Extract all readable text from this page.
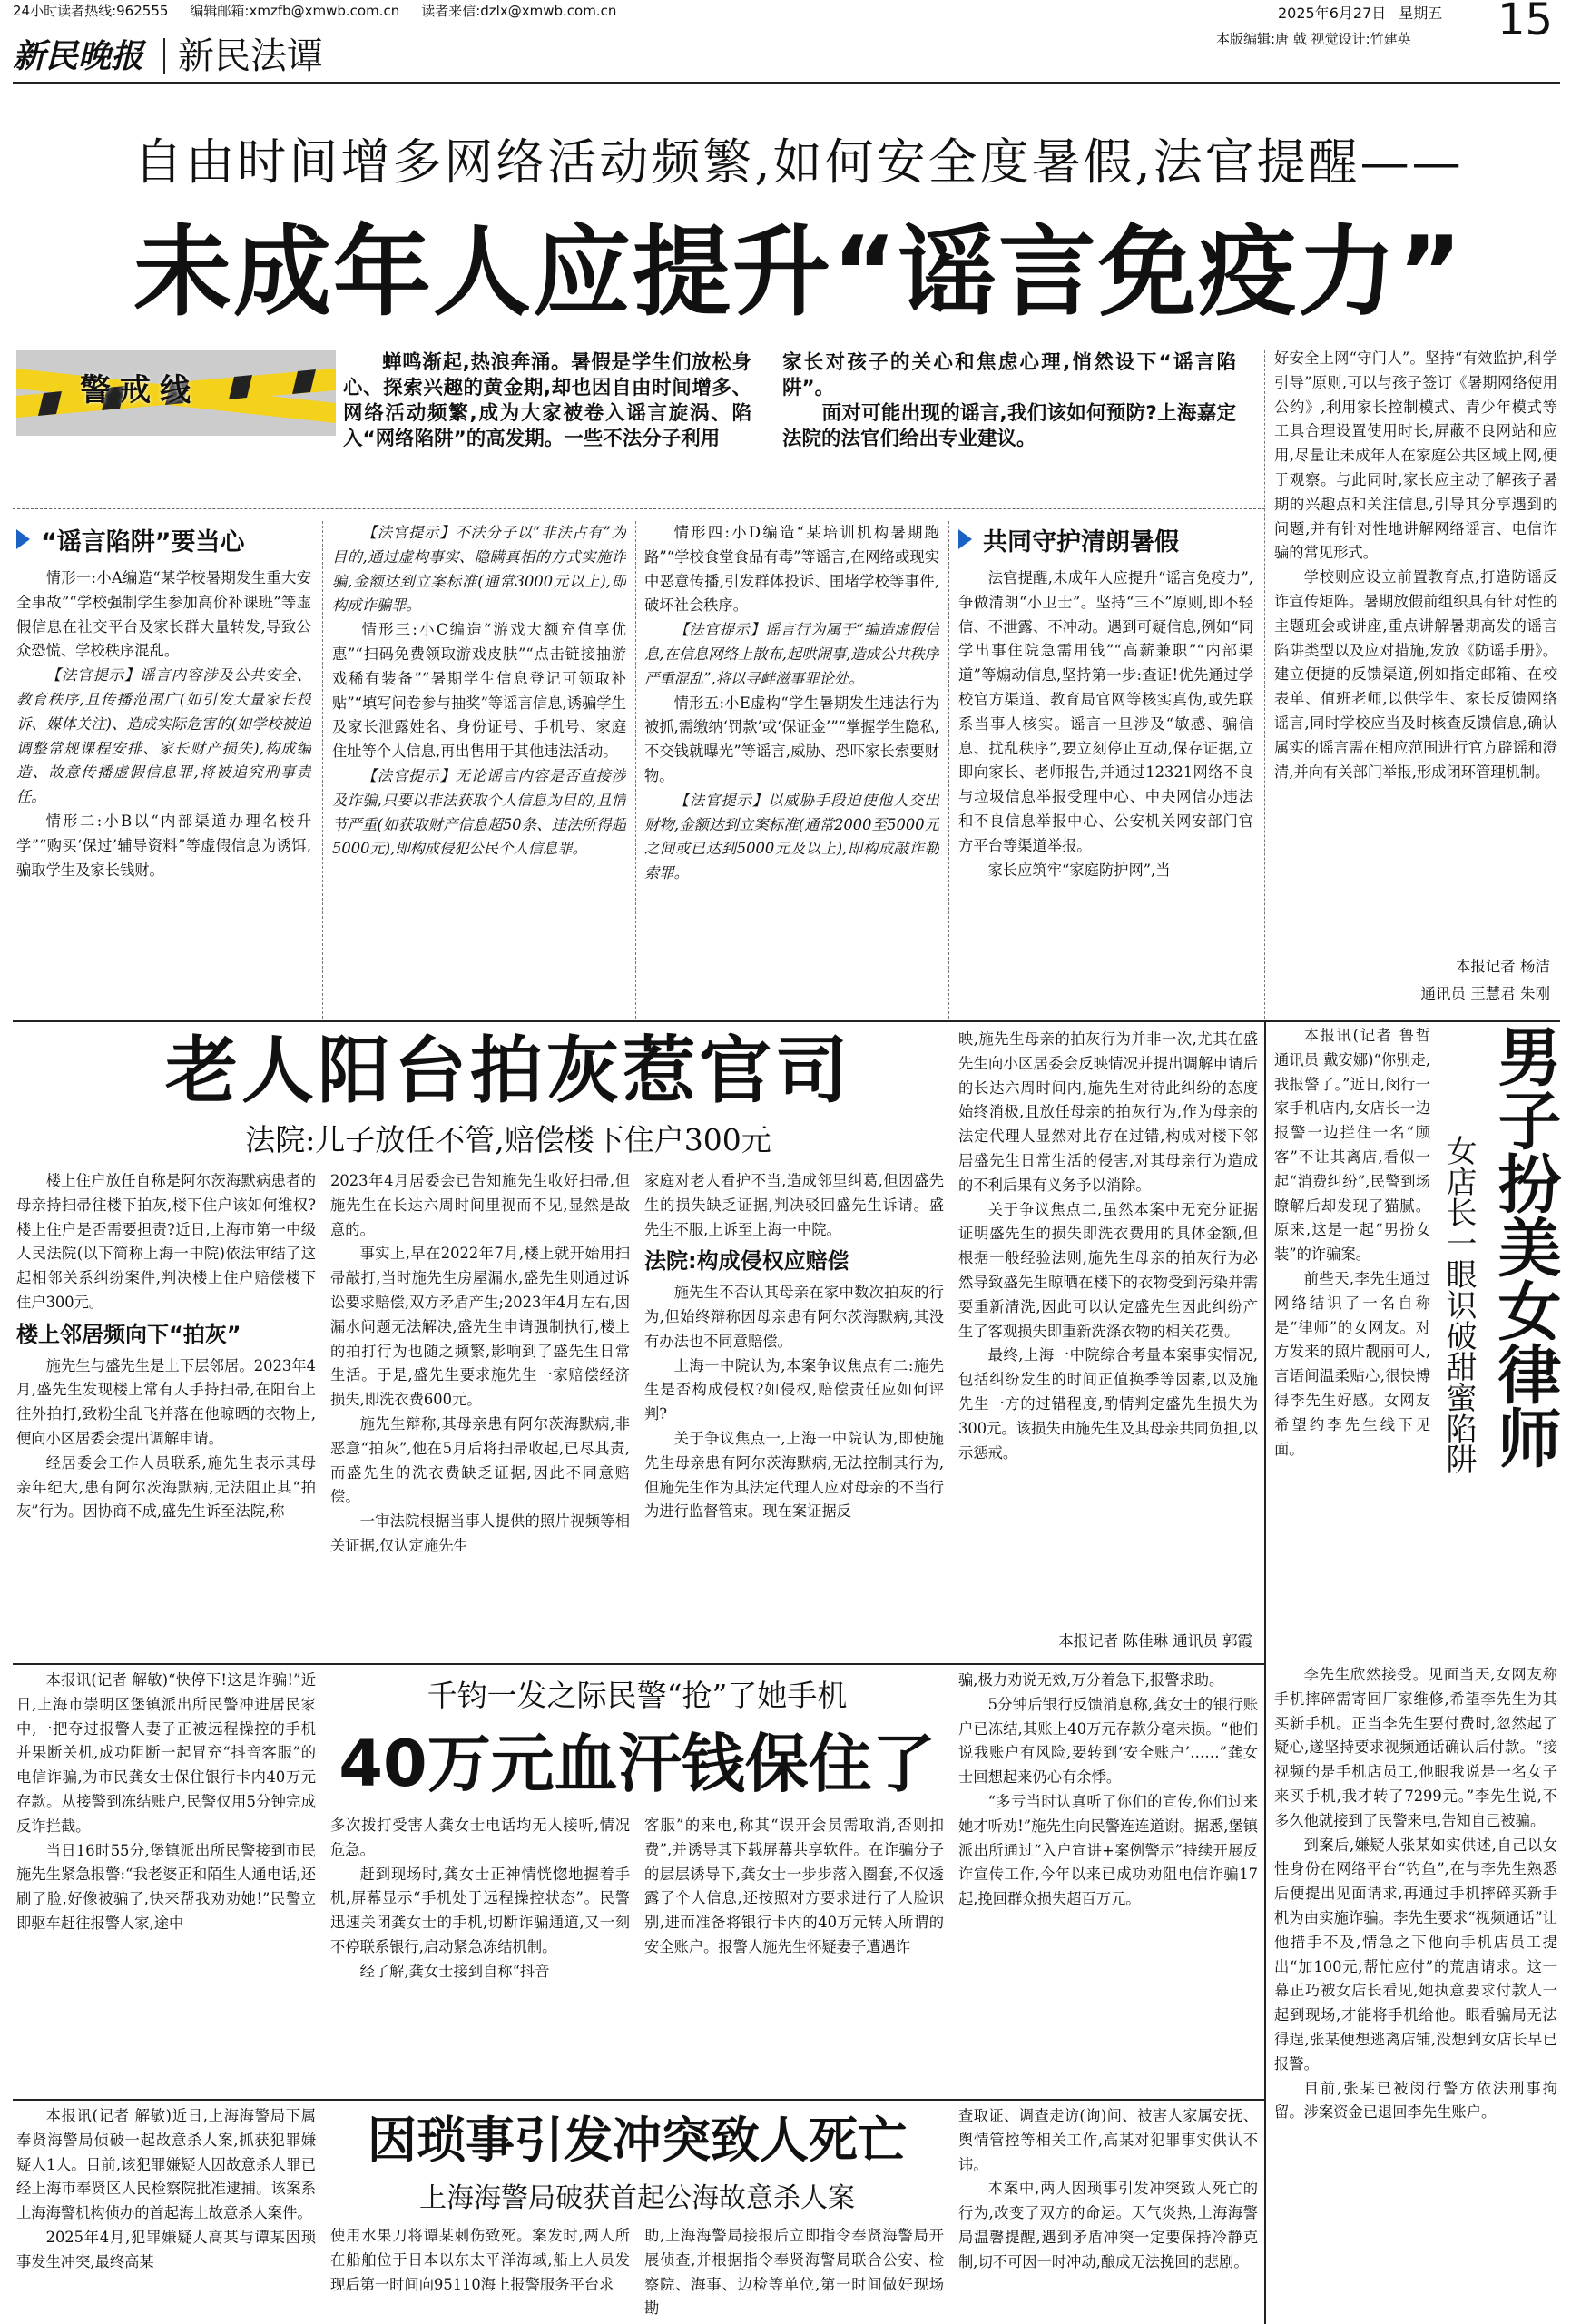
24小时读者热线:962555 编辑邮箱:xmzfb@xmwb.com.cn 读者来信:dzlx@xmwb.com.cn	2025年6月27日 星期五 15
本版编辑:唐 戟 视觉设计:竹建英
新民晚报 新民法谭
自由时间增多网络活动频繁,如何安全度暑假,法官提醒——
未成年人应提升“谣言免疫力”
警戒线
蝉鸣渐起,热浪奔涌。暑假是学生们放松身心、探索兴趣的黄金期,却也因自由时间增多、网络活动频繁,成为大家被卷入谣言旋涡、陷入“网络陷阱”的高发期。一些不法分子利用
家长对孩子的关心和焦虑心理,悄然设下“谣言陷阱”。
　　面对可能出现的谣言,我们该如何预防?上海嘉定法院的法官们给出专业建议。
“谣言陷阱”要当心

情形一:小A编造“某学校暑期发生重大安全事故”“学校强制学生参加高价补课班”等虚假信息在社交平台及家长群大量转发,导致公众恐慌、学校秩序混乱。

【法官提示】谣言内容涉及公共安全、教育秩序,且传播范围广(如引发大量家长投诉、媒体关注)、造成实际危害的(如学校被迫调整常规课程安排、家长财产损失),构成编造、故意传播虚假信息罪,将被追究刑事责任。

情形二:小B以“内部渠道办理名校升学”“购买‘保过’辅导资料”等虚假信息为诱饵,骗取学生及家长钱财。

【法官提示】不法分子以“非法占有”为目的,通过虚构事实、隐瞒真相的方式实施诈骗,金额达到立案标准(通常3000元以上),即构成诈骗罪。

情形三:小C编造“游戏大额充值享优惠”“扫码免费领取游戏皮肤”“点击链接抽游戏稀有装备”“暑期学生信息登记可领取补贴”“填写问卷参与抽奖”等谣言信息,诱骗学生及家长泄露姓名、身份证号、手机号、家庭住址等个人信息,再出售用于其他违法活动。

【法官提示】无论谣言内容是否直接涉及诈骗,只要以非法获取个人信息为目的,且情节严重(如获取财产信息超50条、违法所得超5000元),即构成侵犯公民个人信息罪。

情形四:小D编造“某培训机构暑期跑路”“学校食堂食品有毒”等谣言,在网络或现实中恶意传播,引发群体投诉、围堵学校等事件,破坏社会秩序。

【法官提示】谣言行为属于“编造虚假信息,在信息网络上散布,起哄闹事,造成公共秩序严重混乱”,将以寻衅滋事罪论处。

情形五:小E虚构“学生暑期发生违法行为被抓,需缴纳‘罚款’或‘保证金’”“掌握学生隐私,不交钱就曝光”等谣言,威胁、恐吓家长索要财物。

【法官提示】以威胁手段迫使他人交出财物,金额达到立案标准(通常2000至5000元之间或已达到5000元及以上),即构成敲诈勒索罪。

共同守护清朗暑假

法官提醒,未成年人应提升“谣言免疫力”,争做清朗“小卫士”。坚持“三不”原则,即不轻信、不泄露、不冲动。遇到可疑信息,例如“同学出事住院急需用钱”“高薪兼职”“内部渠道”等煽动信息,坚持第一步:查证!优先通过学校官方渠道、教育局官网等核实真伪,或先联系当事人核实。谣言一旦涉及“敏感、骗信息、扰乱秩序”,要立刻停止互动,保存证据,立即向家长、老师报告,并通过12321网络不良与垃圾信息举报受理中心、中央网信办违法和不良信息举报中心、公安机关网安部门官方平台等渠道举报。

家长应筑牢“家庭防护网”,当

好安全上网“守门人”。坚持“有效监护,科学引导”原则,可以与孩子签订《暑期网络使用公约》,利用家长控制模式、青少年模式等工具合理设置使用时长,屏蔽不良网站和应用,尽量让未成年人在家庭公共区域上网,便于观察。与此同时,家长应主动了解孩子暑期的兴趣点和关注信息,引导其分享遇到的问题,并有针对性地讲解网络谣言、电信诈骗的常见形式。

学校则应设立前置教育点,打造防谣反诈宣传矩阵。暑期放假前组织具有针对性的主题班会或讲座,重点讲解暑期高发的谣言陷阱类型以及应对措施,发放《防谣手册》。建立便捷的反馈渠道,例如指定邮箱、在校表单、值班老师,以供学生、家长反馈网络谣言,同时学校应当及时核查反馈信息,确认属实的谣言需在相应范围进行官方辟谣和澄清,并向有关部门举报,形成闭环管理机制。

本报记者 杨洁
通讯员 王慧君 朱刚
老人阳台拍灰惹官司
法院:儿子放任不管,赔偿楼下住户300元

楼上住户放任自称是阿尔茨海默病患者的母亲持扫帚往楼下拍灰,楼下住户该如何维权?楼上住户是否需要担责?近日,上海市第一中级人民法院(以下简称上海一中院)依法审结了这起相邻关系纠纷案件,判决楼上住户赔偿楼下住户300元。

楼上邻居频向下“拍灰”

施先生与盛先生是上下层邻居。2023年4月,盛先生发现楼上常有人手持扫帚,在阳台上往外拍打,致粉尘乱飞并落在他晾晒的衣物上,便向小区居委会提出调解申请。

经居委会工作人员联系,施先生表示其母亲年纪大,患有阿尔茨海默病,无法阻止其“拍灰”行为。因协商不成,盛先生诉至法院,称

2023年4月居委会已告知施先生收好扫帚,但施先生在长达六周时间里视而不见,显然是故意的。

事实上,早在2022年7月,楼上就开始用扫帚敲打,当时施先生房屋漏水,盛先生则通过诉讼要求赔偿,双方矛盾产生;2023年4月左右,因漏水问题无法解决,盛先生申请强制执行,楼上的拍打行为也随之频繁,影响到了盛先生日常生活。于是,盛先生要求施先生一家赔偿经济损失,即洗衣费600元。

施先生辩称,其母亲患有阿尔茨海默病,非恶意“拍灰”,他在5月后将扫帚收起,已尽其责,而盛先生的洗衣费缺乏证据,因此不同意赔偿。

一审法院根据当事人提供的照片视频等相关证据,仅认定施先生

家庭对老人看护不当,造成邻里纠葛,但因盛先生的损失缺乏证据,判决驳回盛先生诉请。盛先生不服,上诉至上海一中院。

法院:构成侵权应赔偿

施先生不否认其母亲在家中数次拍灰的行为,但始终辩称因母亲患有阿尔茨海默病,其没有办法也不同意赔偿。

上海一中院认为,本案争议焦点有二:施先生是否构成侵权?如侵权,赔偿责任应如何评判?

关于争议焦点一,上海一中院认为,即使施先生母亲患有阿尔茨海默病,无法控制其行为,但施先生作为其法定代理人应对母亲的不当行为进行监督管束。现在案证据反

映,施先生母亲的拍灰行为并非一次,尤其在盛先生向小区居委会反映情况并提出调解申请后的长达六周时间内,施先生对待此纠纷的态度始终消极,且放任母亲的拍灰行为,作为母亲的法定代理人显然对此存在过错,构成对楼下邻居盛先生日常生活的侵害,对其母亲行为造成的不利后果有义务予以消除。

关于争议焦点二,虽然本案中无充分证据证明盛先生的损失即洗衣费用的具体金额,但根据一般经验法则,施先生母亲的拍灰行为必然导致盛先生晾晒在楼下的衣物受到污染并需要重新清洗,因此可以认定盛先生因此纠纷产生了客观损失即重新洗涤衣物的相关花费。

最终,上海一中院综合考量本案事实情况,包括纠纷发生的时间正值换季等因素,以及施先生一方的过错程度,酌情判定盛先生损失为300元。该损失由施先生及其母亲共同负担,以示惩戒。

本报记者 陈佳琳 通讯员 郭霞
男子扮美女律师
女店长一眼识破甜蜜陷阱

本报讯(记者 鲁哲 通讯员 戴安娜)“你别走,我报警了。”近日,闵行一家手机店内,女店长一边报警一边拦住一名“顾客”不让其离店,看似一起“消费纠纷”,民警到场瞭解后却发现了猫腻。原来,这是一起“男扮女装”的诈骗案。

前些天,李先生通过网络结识了一名自称是“律师”的女网友。对方发来的照片靓丽可人,言语间温柔贴心,很快博得李先生好感。女网友希望约李先生线下见面。

李先生欣然接受。见面当天,女网友称手机摔碎需寄回厂家维修,希望李先生为其买新手机。正当李先生要付费时,忽然起了疑心,遂坚持要求视频通话确认后付款。“接视频的是手机店员工,他眼我说是一名女子来买手机,我才转了7299元。”李先生说,不多久他就接到了民警来电,告知自己被骗。

到案后,嫌疑人张某如实供述,自己以女性身份在网络平台“钓鱼”,在与李先生熟悉后便提出见面请求,再通过手机摔碎买新手机为由实施诈骗。李先生要求“视频通话”让他措手不及,情急之下他向手机店员工提出“加100元,帮忙应付”的荒唐请求。这一幕正巧被女店长看见,她执意要求付款人一起到现场,才能将手机给他。眼看骗局无法得逞,张某便想逃离店铺,没想到女店长早已报警。

目前,张某已被闵行警方依法刑事拘留。涉案资金已退回李先生账户。

千钧一发之际民警“抢”了她手机
40万元血汗钱保住了

本报讯(记者 解敏)“快停下!这是诈骗!”近日,上海市崇明区堡镇派出所民警冲进居民家中,一把夺过报警人妻子正被远程操控的手机并果断关机,成功阻断一起冒充“抖音客服”的电信诈骗,为市民龚女士保住银行卡内40万元存款。从接警到冻结账户,民警仅用5分钟完成反诈拦截。

当日16时55分,堡镇派出所民警接到市民施先生紧急报警:“我老婆正和陌生人通电话,还刷了脸,好像被骗了,快来帮我劝劝她!”民警立即驱车赶往报警人家,途中

多次拨打受害人龚女士电话均无人接听,情况危急。

赶到现场时,龚女士正神情恍惚地握着手机,屏幕显示“手机处于远程操控状态”。民警迅速关闭龚女士的手机,切断诈骗通道,又一刻不停联系银行,启动紧急冻结机制。

经了解,龚女士接到自称“抖音

客服”的来电,称其“误开会员需取消,否则扣费”,并诱导其下载屏幕共享软件。在诈骗分子的层层诱导下,龚女士一步步落入圈套,不仅透露了个人信息,还按照对方要求进行了人脸识别,进而准备将银行卡内的40万元转入所谓的安全账户。报警人施先生怀疑妻子遭遇诈

骗,极力劝说无效,万分着急下,报警求助。

5分钟后银行反馈消息称,龚女士的银行账户已冻结,其账上40万元存款分毫未损。“他们说我账户有风险,要转到‘安全账户’……”龚女士回想起来仍心有余悸。

“多亏当时认真听了你们的宣传,你们过来她才听劝!”施先生向民警连连道谢。据悉,堡镇派出所通过“入户宣讲+案例警示”持续开展反诈宣传工作,今年以来已成功劝阻电信诈骗17起,挽回群众损失超百万元。

因琐事引发冲突致人死亡
上海海警局破获首起公海故意杀人案

本报讯(记者 解敏)近日,上海海警局下属奉贤海警局侦破一起故意杀人案,抓获犯罪嫌疑人1人。目前,该犯罪嫌疑人因故意杀人罪已经上海市奉贤区人民检察院批准逮捕。该案系上海海警机构侦办的首起海上故意杀人案件。

2025年4月,犯罪嫌疑人高某与谭某因琐事发生冲突,最终高某

使用水果刀将谭某刺伤致死。案发时,两人所在船舶位于日本以东太平洋海域,船上人员发现后第一时间向95110海上报警服务平台求

助,上海海警局接报后立即指令奉贤海警局开展侦查,并根据指令奉贤海警局联合公安、检察院、海事、边检等单位,第一时间做好现场勘

查取证、调查走访(询)问、被害人家属安抚、舆情管控等相关工作,高某对犯罪事实供认不讳。

本案中,两人因琐事引发冲突致人死亡的行为,改变了双方的命运。天气炎热,上海海警局温馨提醒,遇到矛盾冲突一定要保持冷静克制,切不可因一时冲动,酿成无法挽回的悲剧。
